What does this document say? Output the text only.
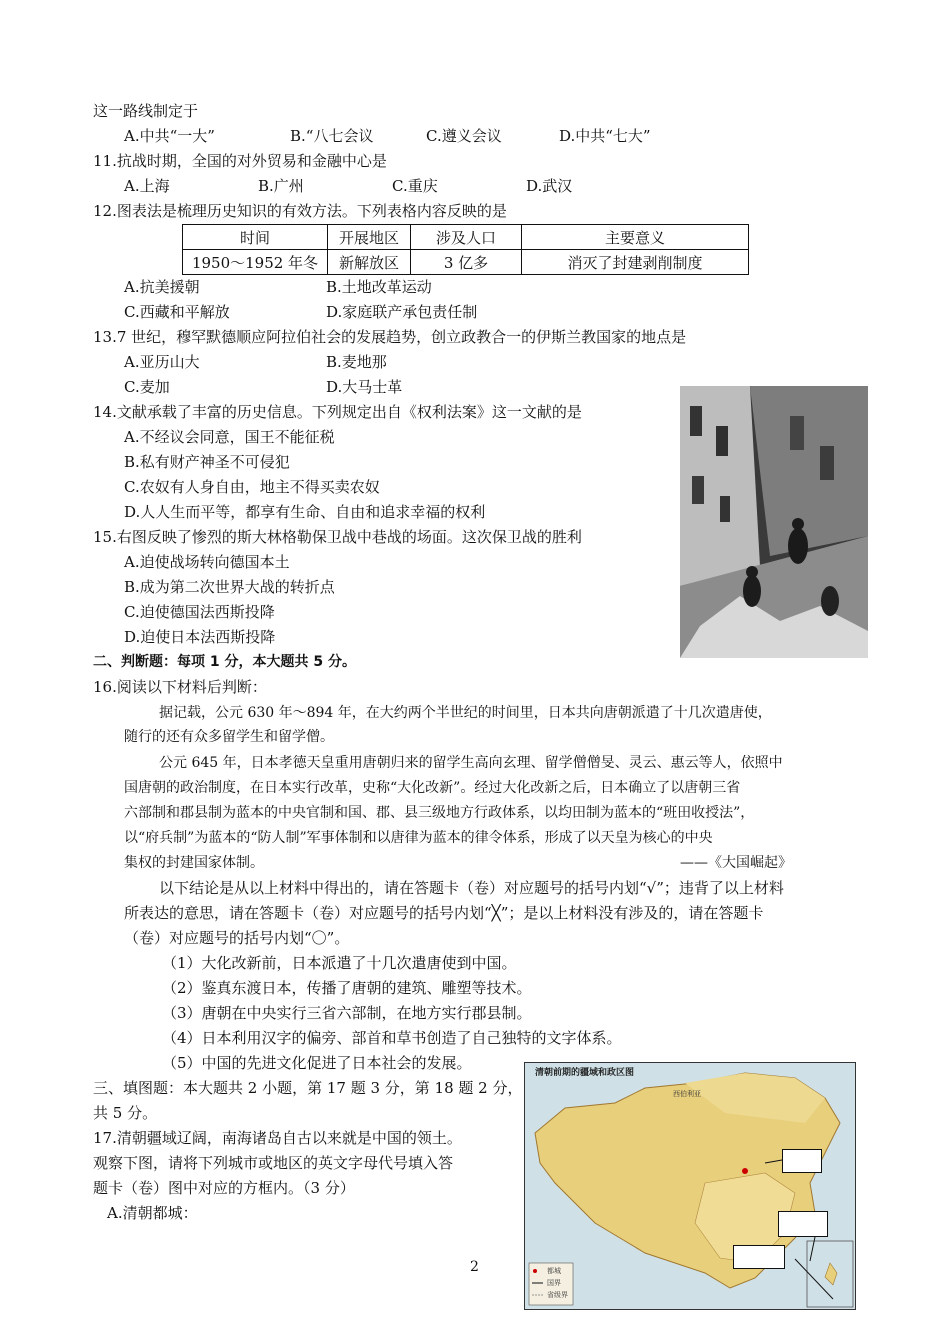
这一路线制定于
A.中共“一大”	B.“八七会议	C.遵义会议	D.中共“七大”
11.抗战时期，全国的对外贸易和金融中心是
A.上海	B.广州	C.重庆	D.武汉
12.图表法是梳理历史知识的有效方法。下列表格内容反映的是
时间	开展地区	涉及人口	主要意义
1950～1952 年冬	新解放区	3 亿多	消灭了封建剥削制度
A.抗美援朝	B.土地改革运动
C.西藏和平解放	D.家庭联产承包责任制
13.7 世纪，穆罕默德顺应阿拉伯社会的发展趋势，创立政教合一的伊斯兰教国家的地点是
A.亚历山大	B.麦地那
C.麦加	D.大马士革
14.文献承载了丰富的历史信息。下列规定出自《权利法案》这一文献的是
A.不经议会同意，国王不能征税
B.私有财产神圣不可侵犯
C.农奴有人身自由，地主不得买卖农奴
D.人人生而平等，都享有生命、自由和追求幸福的权利
15.右图反映了惨烈的斯大林格勒保卫战中巷战的场面。这次保卫战的胜利
A.迫使战场转向德国本土
B.成为第二次世界大战的转折点
C.迫使德国法西斯投降
D.迫使日本法西斯投降
二、判断题：每项 1 分，本大题共 5 分。
16.阅读以下材料后判断：
据记载，公元 630 年～894 年，在大约两个半世纪的时间里，日本共向唐朝派遣了十几次遣唐使，
随行的还有众多留学生和留学僧。
公元 645 年，日本孝德天皇重用唐朝归来的留学生高向玄理、留学僧僧旻、灵云、惠云等人，依照中
国唐朝的政治制度，在日本实行改革，史称“大化改新”。经过大化改新之后，日本确立了以唐朝三省
六部制和郡县制为蓝本的中央官制和国、郡、县三级地方行政体系，以均田制为蓝本的“班田收授法”，
以“府兵制”为蓝本的“防人制”军事体制和以唐律为蓝本的律令体系，形成了以天皇为核心的中央
集权的封建国家体制。	——《大国崛起》
以下结论是从以上材料中得出的，请在答题卡（卷）对应题号的括号内划“√”；违背了以上材料
所表达的意思，请在答题卡（卷）对应题号的括号内划“╳”；是以上材料没有涉及的，请在答题卡
（卷）对应题号的括号内划“〇”。
（1）大化改新前，日本派遣了十几次遣唐使到中国。
（2）鉴真东渡日本，传播了唐朝的建筑、雕塑等技术。
（3）唐朝在中央实行三省六部制，在地方实行郡县制。
（4）日本利用汉字的偏旁、部首和草书创造了自己独特的文字体系。
（5）中国的先进文化促进了日本社会的发展。
三、填图题：本大题共 2 小题，第 17 题 3 分，第 18 题 2 分，
共 5 分。
17.清朝疆域辽阔，南海诸岛自古以来就是中国的领土。
观察下图，请将下列城市或地区的英文字母代号填入答
题卡（卷）图中对应的方框内。（3 分）
A.清朝都城：
清朝前期的疆域和政区图
西伯利亚
都城
国界
省级界
2
